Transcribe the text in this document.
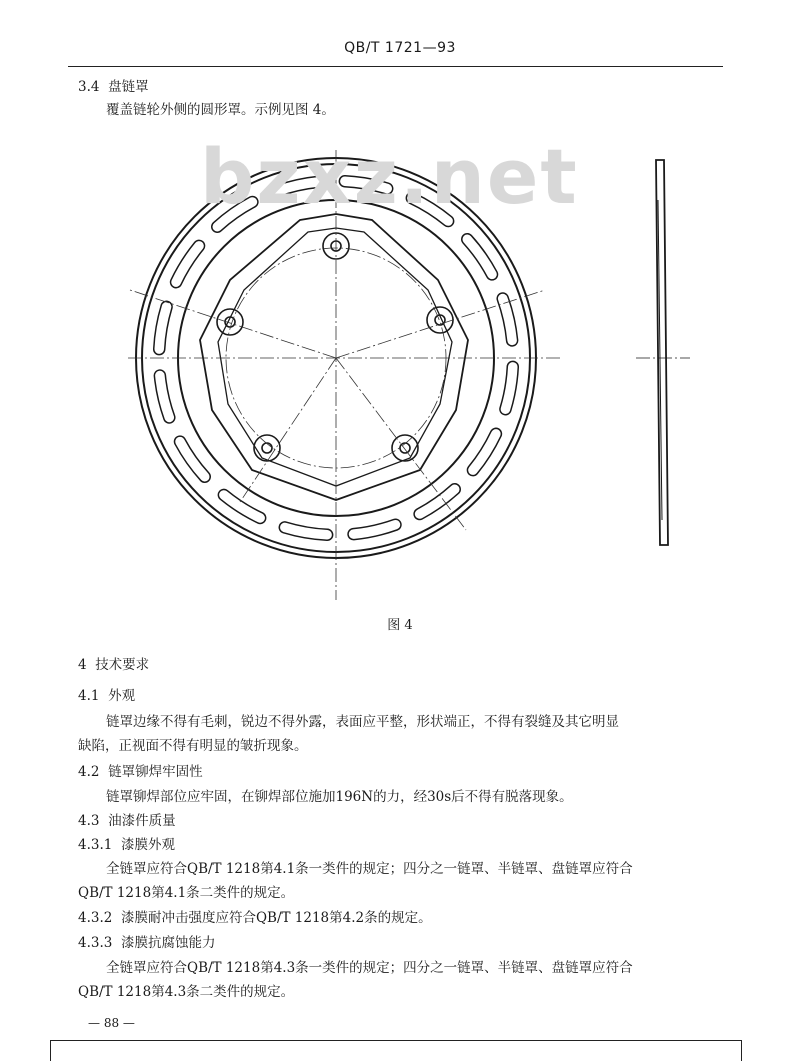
QB/T 1721—93
3.4 盘链罩
覆盖链轮外侧的圆形罩。示例见图 4。
bzxz.net
图 4
4 技术要求
4.1 外观
链罩边缘不得有毛刺，锐边不得外露，表面应平整，形状端正，不得有裂缝及其它明显
缺陷，正视面不得有明显的皱折现象。
4.2 链罩铆焊牢固性
链罩铆焊部位应牢固，在铆焊部位施加196N的力，经30s后不得有脱落现象。
4.3 油漆件质量
4.3.1 漆膜外观
全链罩应符合QB/T 1218第4.1条一类件的规定；四分之一链罩、半链罩、盘链罩应符合
QB/T 1218第4.1条二类件的规定。
4.3.2 漆膜耐冲击强度应符合QB/T 1218第4.2条的规定。
4.3.3 漆膜抗腐蚀能力
全链罩应符合QB/T 1218第4.3条一类件的规定；四分之一链罩、半链罩、盘链罩应符合
QB/T 1218第4.3条二类件的规定。
— 88 —
